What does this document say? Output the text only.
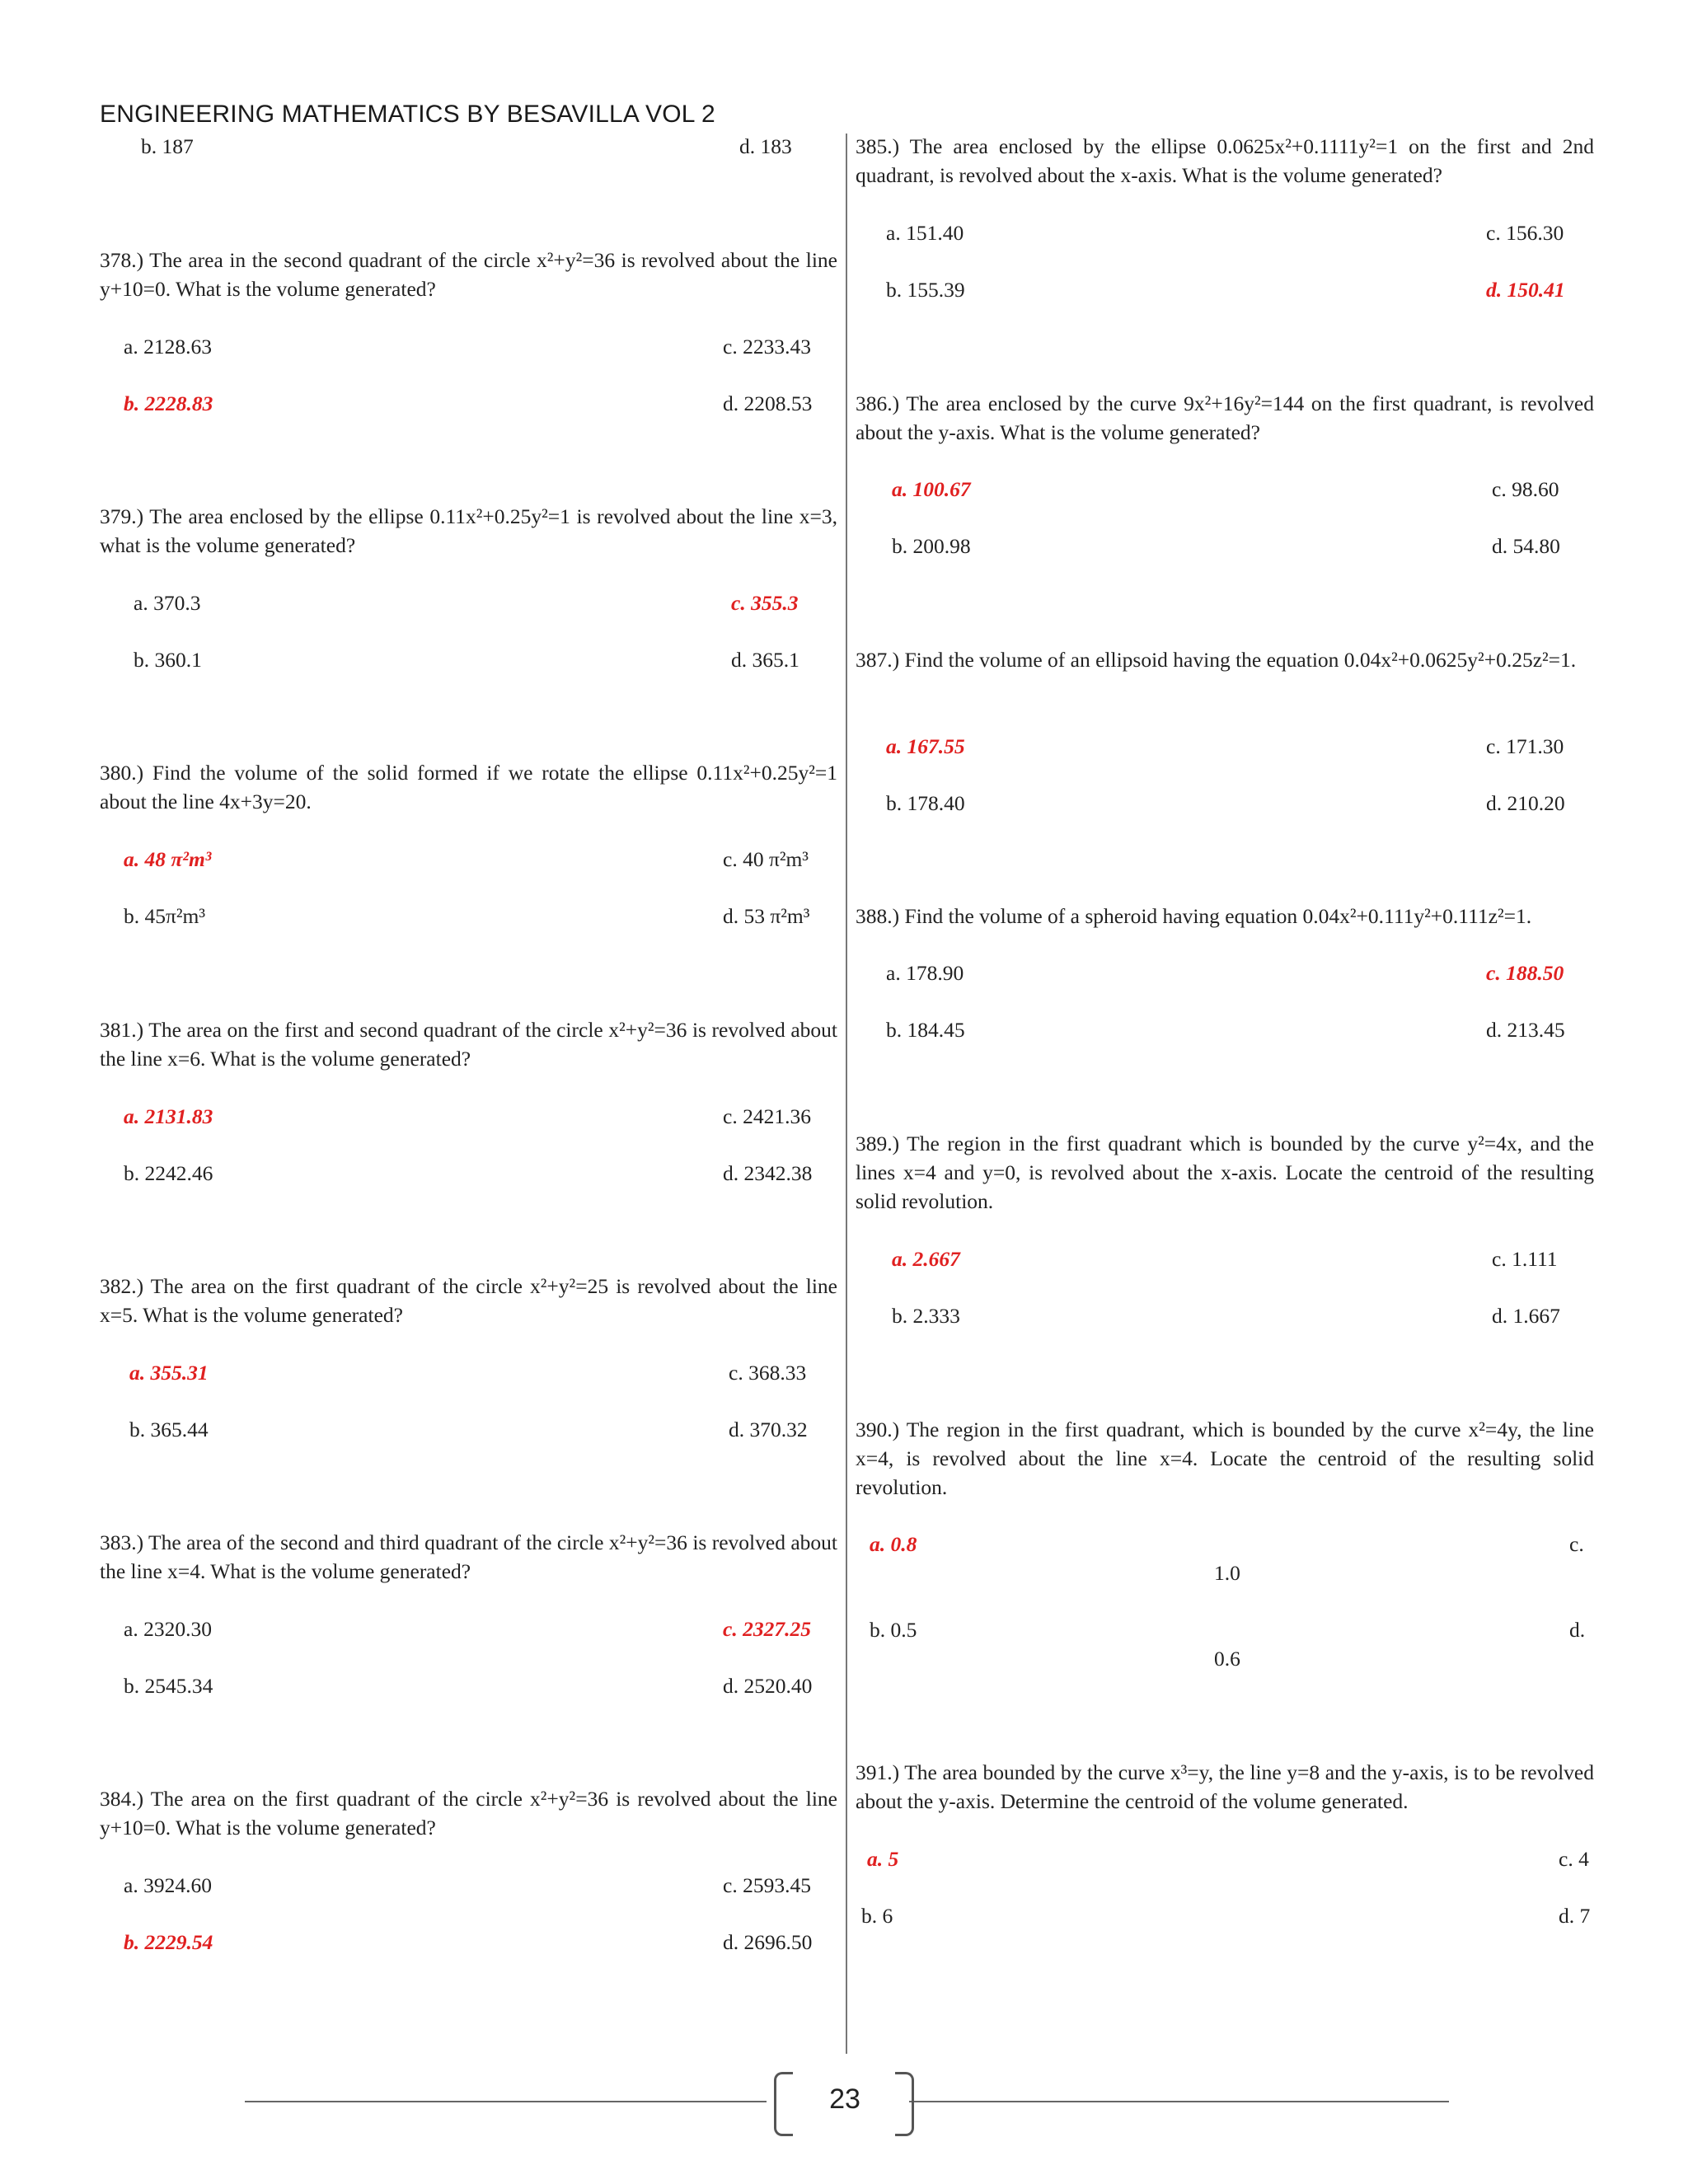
ENGINEERING MATHEMATICS BY BESAVILLA VOL 2
b. 187	d. 183

378.) The area in the second quadrant of the circle x²+y²=36 is revolved about the line y+10=0. What is the volume generated?

a. 2128.63	c. 2233.43
b. 2228.83	d. 2208.53

379.) The area enclosed by the ellipse 0.11x²+0.25y²=1 is revolved about the line x=3, what is the volume generated?

a. 370.3	c. 355.3
b. 360.1	d. 365.1

380.) Find the volume of the solid formed if we rotate the ellipse 0.11x²+0.25y²=1 about the line 4x+3y=20.

a. 48 π²m³	c. 40 π²m³
b. 45π²m³	d. 53 π²m³

381.) The area on the first and second quadrant of the circle x²+y²=36 is revolved about the line x=6. What is the volume generated?

a. 2131.83	c. 2421.36
b. 2242.46	d. 2342.38

382.) The area on the first quadrant of the circle x²+y²=25 is revolved about the line x=5. What is the volume generated?

a. 355.31	c. 368.33
b. 365.44	d. 370.32

383.) The area of the second and third quadrant of the circle x²+y²=36 is revolved about the line x=4. What is the volume generated?

a. 2320.30	c. 2327.25
b. 2545.34	d. 2520.40

384.) The area on the first quadrant of the circle x²+y²=36 is revolved about the line y+10=0. What is the volume generated?

a. 3924.60	c. 2593.45
b. 2229.54	d. 2696.50

385.) The area enclosed by the ellipse 0.0625x²+0.1111y²=1 on the first and 2nd quadrant, is revolved about the x-axis. What is the volume generated?

a. 151.40	c. 156.30
b. 155.39	d. 150.41

386.) The area enclosed by the curve 9x²+16y²=144 on the first quadrant, is revolved about the y-axis. What is the volume generated?

a. 100.67	c. 98.60
b. 200.98	d. 54.80

387.) Find the volume of an ellipsoid having the equation 0.04x²+0.0625y²+0.25z²=1.

a. 167.55	c. 171.30
b. 178.40	d. 210.20

388.) Find the volume of a spheroid having equation 0.04x²+0.111y²+0.111z²=1.

a. 178.90	c. 188.50
b. 184.45	d. 213.45

389.) The region in the first quadrant which is bounded by the curve y²=4x, and the lines x=4 and y=0, is revolved about the x-axis. Locate the centroid of the resulting solid revolution.

a. 2.667	c. 1.111
b. 2.333	d. 1.667

390.) The region in the first quadrant, which is bounded by the curve x²=4y, the line x=4, is revolved about the line x=4. Locate the centroid of the resulting solid revolution.

a. 0.8	c.
1.0
b. 0.5	d.
0.6

391.) The area bounded by the curve x³=y, the line y=8 and the y-axis, is to be revolved about the y-axis. Determine the centroid of the volume generated.

a. 5	c. 4
b. 6	d. 7
23
